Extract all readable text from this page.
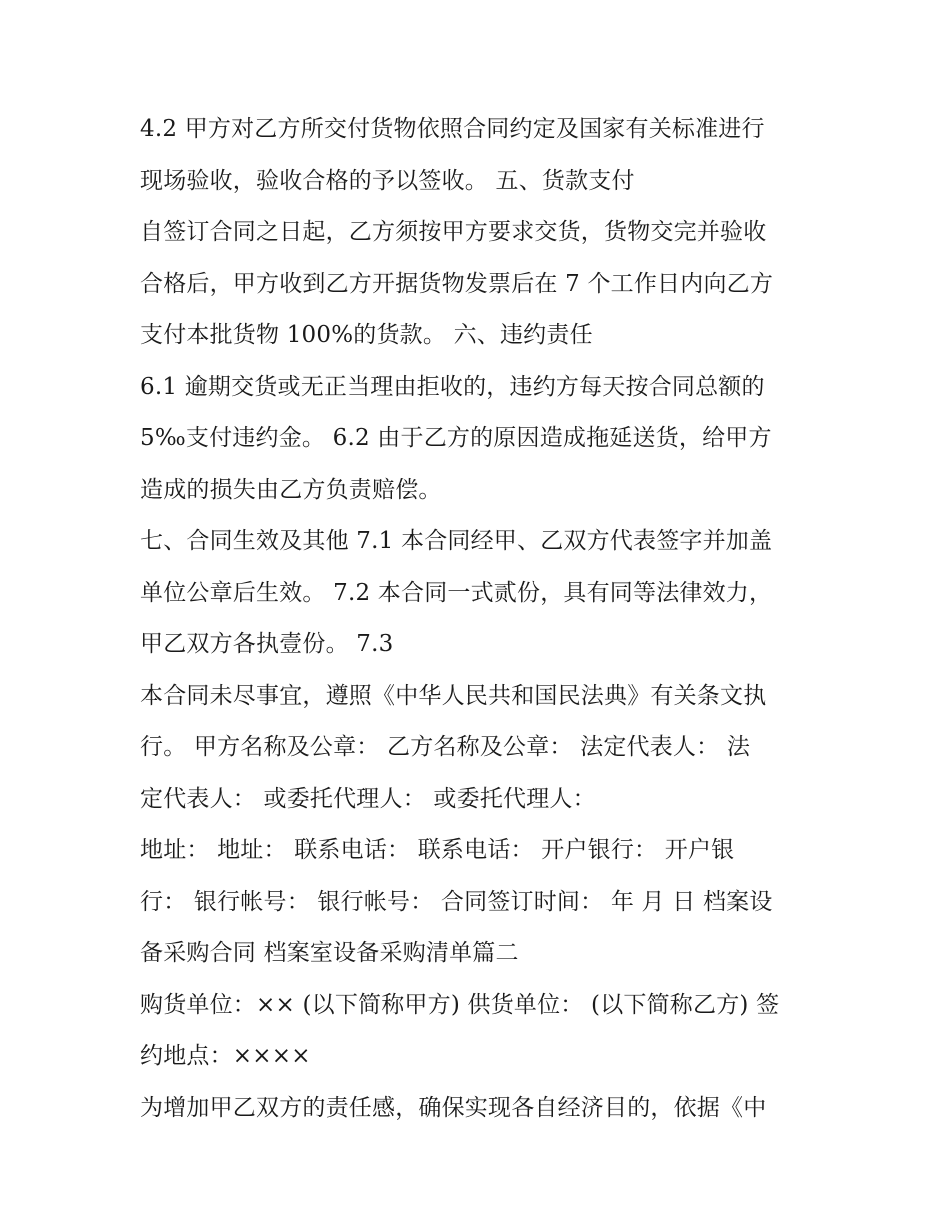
4.2 甲方对乙方所交付货物依照合同约定及国家有关标准进行
现场验收，验收合格的予以签收。 五、货款支付
自签订合同之日起，乙方须按甲方要求交货，货物交完并验收
合格后，甲方收到乙方开据货物发票后在 7 个工作日内向乙方
支付本批货物 100%的货款。 六、违约责任
6.1 逾期交货或无正当理由拒收的，违约方每天按合同总额的
5‰支付违约金。 6.2 由于乙方的原因造成拖延送货，给甲方
造成的损失由乙方负责赔偿。
七、合同生效及其他 7.1 本合同经甲、乙双方代表签字并加盖
单位公章后生效。 7.2 本合同一式贰份，具有同等法律效力，
甲乙双方各执壹份。 7.3
本合同未尽事宜，遵照《中华人民共和国民法典》有关条文执
行。 甲方名称及公章： 乙方名称及公章： 法定代表人： 法
定代表人： 或委托代理人： 或委托代理人：
地址： 地址： 联系电话： 联系电话： 开户银行： 开户银
行： 银行帐号： 银行帐号： 合同签订时间： 年 月 日 档案设
备采购合同 档案室设备采购清单篇二
购货单位：×× (以下简称甲方) 供货单位： (以下简称乙方) 签
约地点：××××
为增加甲乙双方的责任感，确保实现各自经济目的，依据《中
